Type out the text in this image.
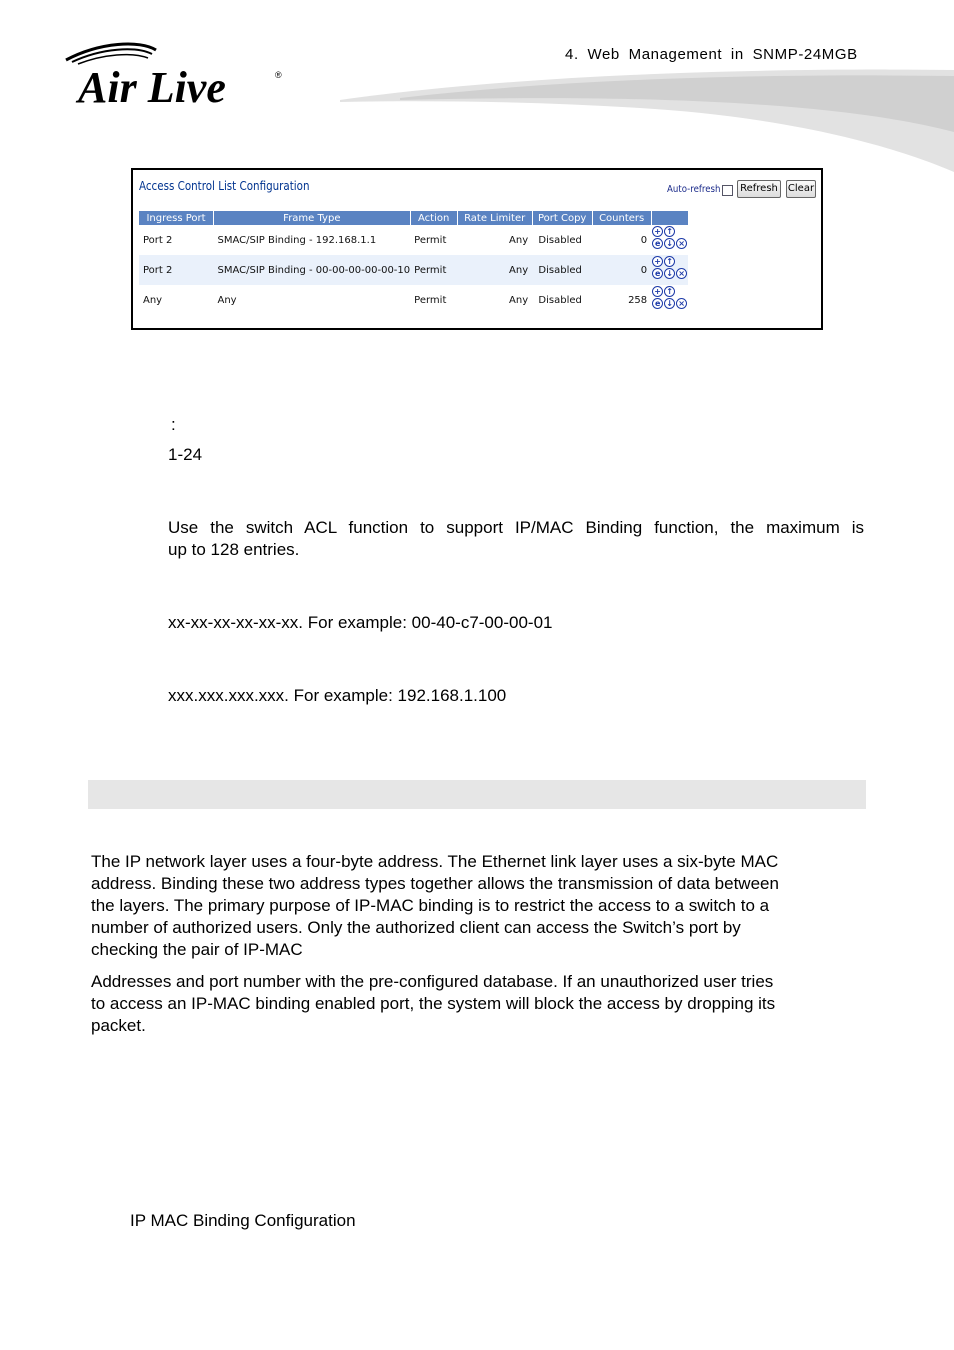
4. Web Management in SNMP-24MGB
Air Live	®
Access Control List Configuration	Auto-refresh	Refresh	Clear
Ingress Port	Frame Type	Action	Rate Limiter	Port Copy	Counters	
Port 2	SMAC/SIP Binding - 192.168.1.1	Permit	Any	Disabled	0	+ ↑
e ↓ ×

Port 2	SMAC/SIP Binding - 00-00-00-00-00-10	Permit	Any	Disabled	0	+ ↑
e ↓ ×

Any	Any	Permit	Any	Disabled	258	+ ↑
e ↓ ×
:
1-24
Use the switch ACL function to support IP/MAC Binding function, the maximum is
up to 128 entries.
xx-xx-xx-xx-xx-xx. For example: 00-40-c7-00-00-01
xxx.xxx.xxx.xxx. For example: 192.168.1.100
The IP network layer uses a four-byte address. The Ethernet link layer uses a six-byte MAC
address. Binding these two address types together allows the transmission of data between
the layers. The primary purpose of IP-MAC binding is to restrict the access to a switch to a
number of authorized users. Only the authorized client can access the Switch’s port by
checking the pair of IP-MAC
Addresses and port number with the pre-configured database. If an unauthorized user tries
to access an IP-MAC binding enabled port, the system will block the access by dropping its
packet.
IP MAC Binding Configuration
